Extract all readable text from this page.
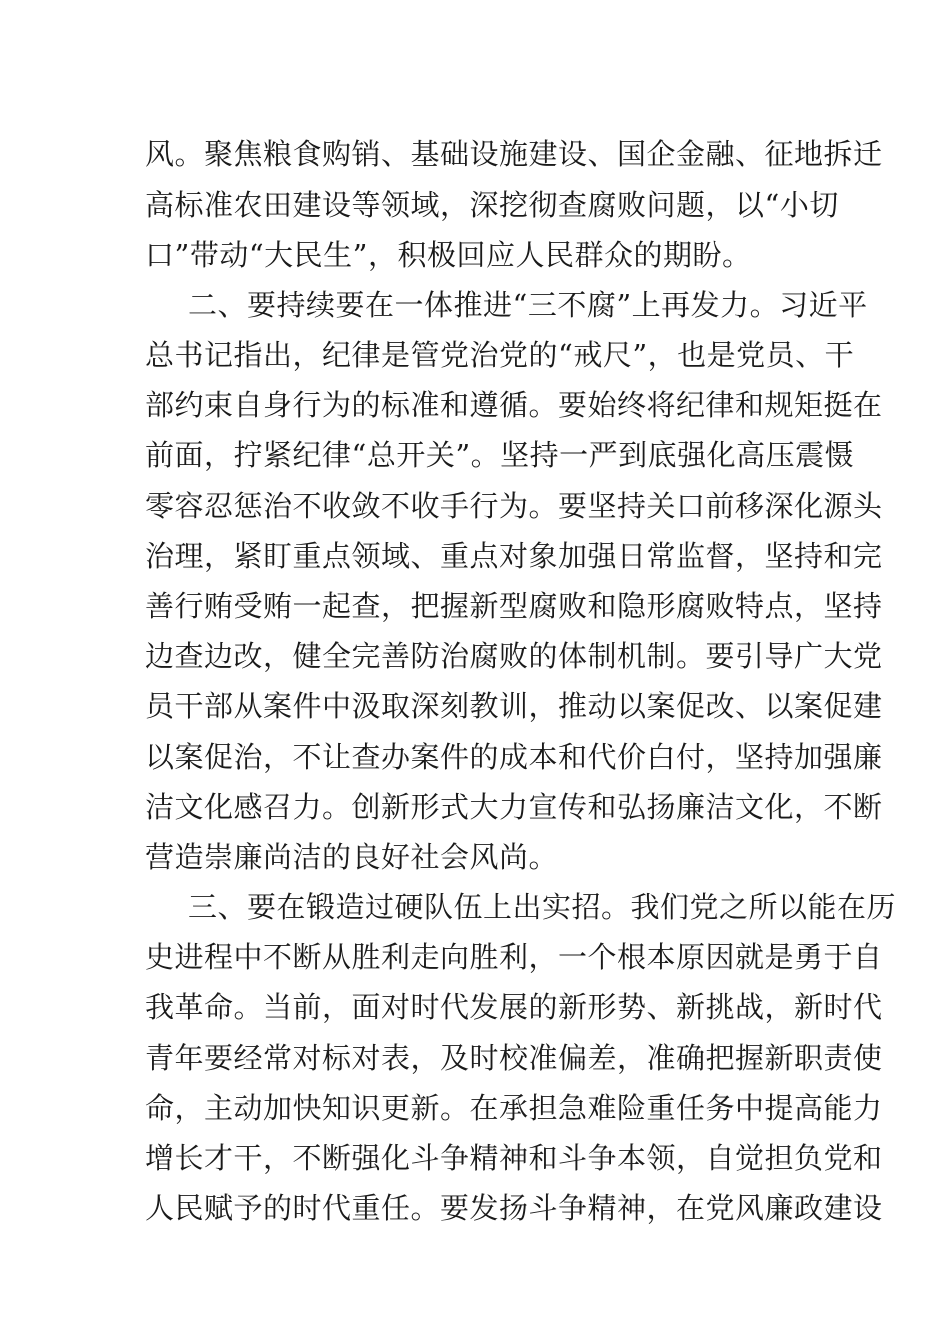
风。聚焦粮食购销、基础设施建设、国企金融、征地拆迁
高标准农田建设等领域，深挖彻查腐败问题，以“小切
口”带动“大民生”，积极回应人民群众的期盼。
二、要持续要在一体推进“三不腐”上再发力。习近平
总书记指出，纪律是管党治党的“戒尺”，也是党员、干
部约束自身行为的标准和遵循。要始终将纪律和规矩挺在
前面，拧紧纪律“总开关”。坚持一严到底强化高压震慑
零容忍惩治不收敛不收手行为。要坚持关口前移深化源头
治理，紧盯重点领域、重点对象加强日常监督，坚持和完
善行贿受贿一起查，把握新型腐败和隐形腐败特点，坚持
边查边改，健全完善防治腐败的体制机制。要引导广大党
员干部从案件中汲取深刻教训，推动以案促改、以案促建
以案促治，不让查办案件的成本和代价白付，坚持加强廉
洁文化感召力。创新形式大力宣传和弘扬廉洁文化，不断
营造崇廉尚洁的良好社会风尚。
三、要在锻造过硬队伍上出实招。我们党之所以能在历
史进程中不断从胜利走向胜利，一个根本原因就是勇于自
我革命。当前，面对时代发展的新形势、新挑战，新时代
青年要经常对标对表，及时校准偏差，准确把握新职责使
命，主动加快知识更新。在承担急难险重任务中提高能力
增长才干，不断强化斗争精神和斗争本领，自觉担负党和
人民赋予的时代重任。要发扬斗争精神，在党风廉政建设
